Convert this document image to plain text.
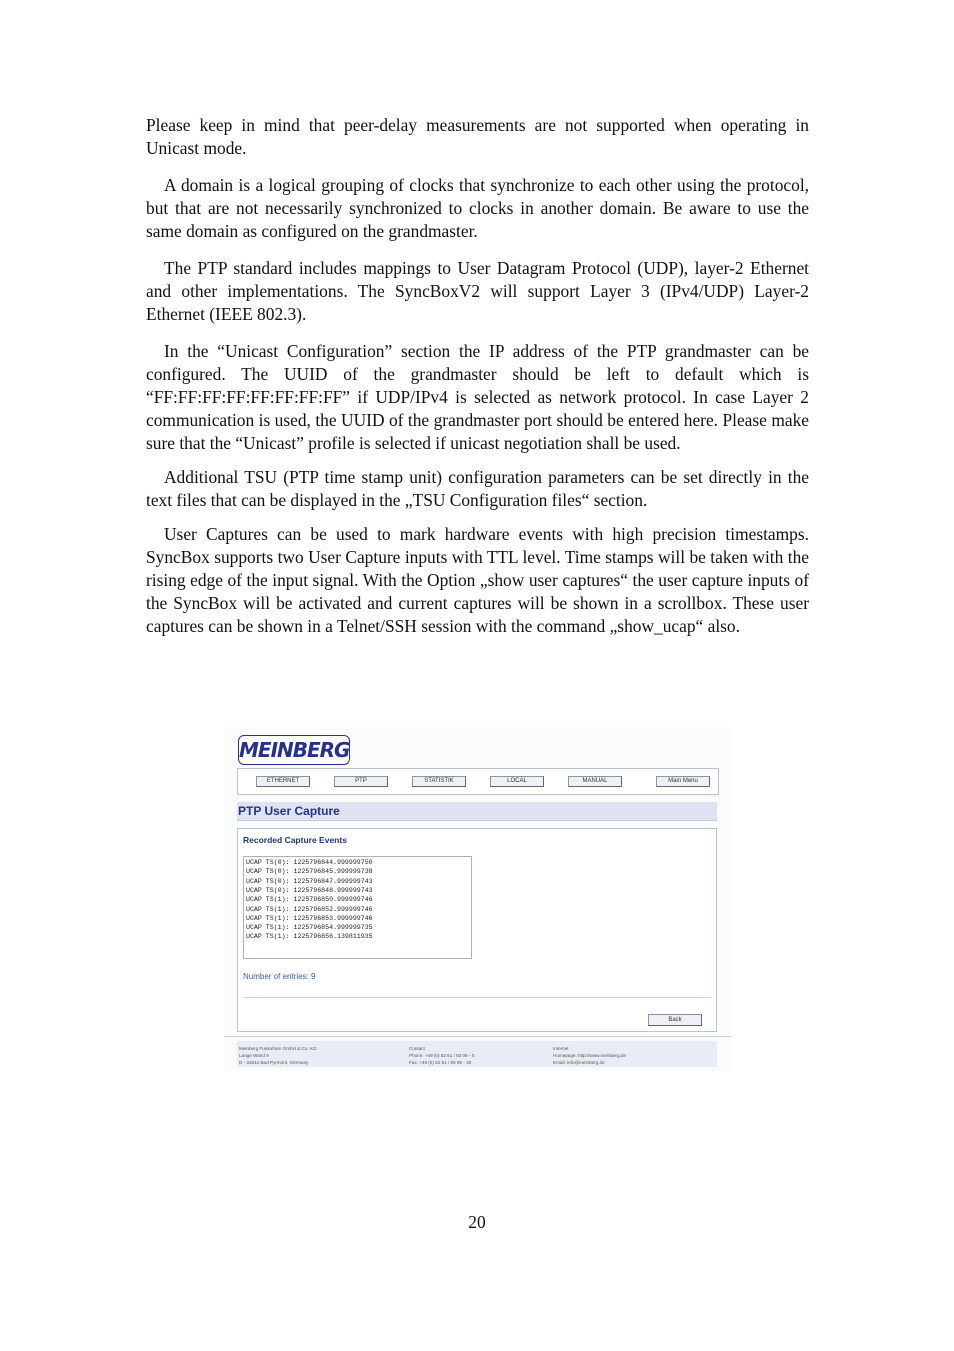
Please keep in mind that peer-delay measurements are not supported when operating in Unicast mode.

A domain is a logical grouping of clocks that synchronize to each other using the protocol, but that are not necessarily synchronized to clocks in another domain. Be aware to use the same domain as configured on the grandmaster.

The PTP standard includes mappings to User Datagram Protocol (UDP), layer-2 Ethernet and other implementations. The SyncBoxV2 will support Layer 3 (IPv4/UDP) Layer-2 Ethernet (IEEE 802.3).

In the “Unicast Configuration” section the IP address of the PTP grandmaster can be configured. The UUID of the grandmaster should be left to default which is “FF:FF:FF:FF:FF:FF:FF:FF” if UDP/IPv4 is selected as network protocol. In case Layer 2 communication is used, the UUID of the grandmaster port should be entered here. Please make sure that the “Unicast” profile is selected if unicast negotiation shall be used.

Additional TSU (PTP time stamp unit) configuration parameters can be set directly in the text files that can be displayed in the „TSU Configuration files“ section.

User Captures can be used to mark hardware events with high precision timestamps. SyncBox supports two User Capture inputs with TTL level. Time stamps will be taken with the rising edge of the input signal. With the Option „show user captures“ the user capture inputs of the SyncBox will be activated and current captures will be shown in a scrollbox. These user captures can be shown in a Telnet/SSH session with the command „show_ucap“ also.

MEINBERG
ETHERNET	PTP	STATISTIK	LOCAL	MANUAL	Main Menu
PTP User Capture
Recorded Capture Events
UCAP TS(0): 1225796844.999999750
UCAP TS(0): 1225796845.999999738
UCAP TS(0): 1225796847.999999743
UCAP TS(0): 1225796848.999999743
UCAP TS(1): 1225796850.999999746
UCAP TS(1): 1225796852.999999746
UCAP TS(1): 1225796853.999999746
UCAP TS(1): 1225796854.999999735
UCAP TS(1): 1225796856.139811935
Number of entries: 9
Back
Meinberg Funkuhren GmbH & Co. KG
Lange Wand 9
D - 31812 Bad Pyrmont, Germany
Contact
Phone: +49 (0) 52 81 / 93 09 - 0
Fax: +49 (0) 52 81 / 93 09 - 30
Internet
Homepage: http://www.meinberg.de
Email: info@meinberg.de
20
